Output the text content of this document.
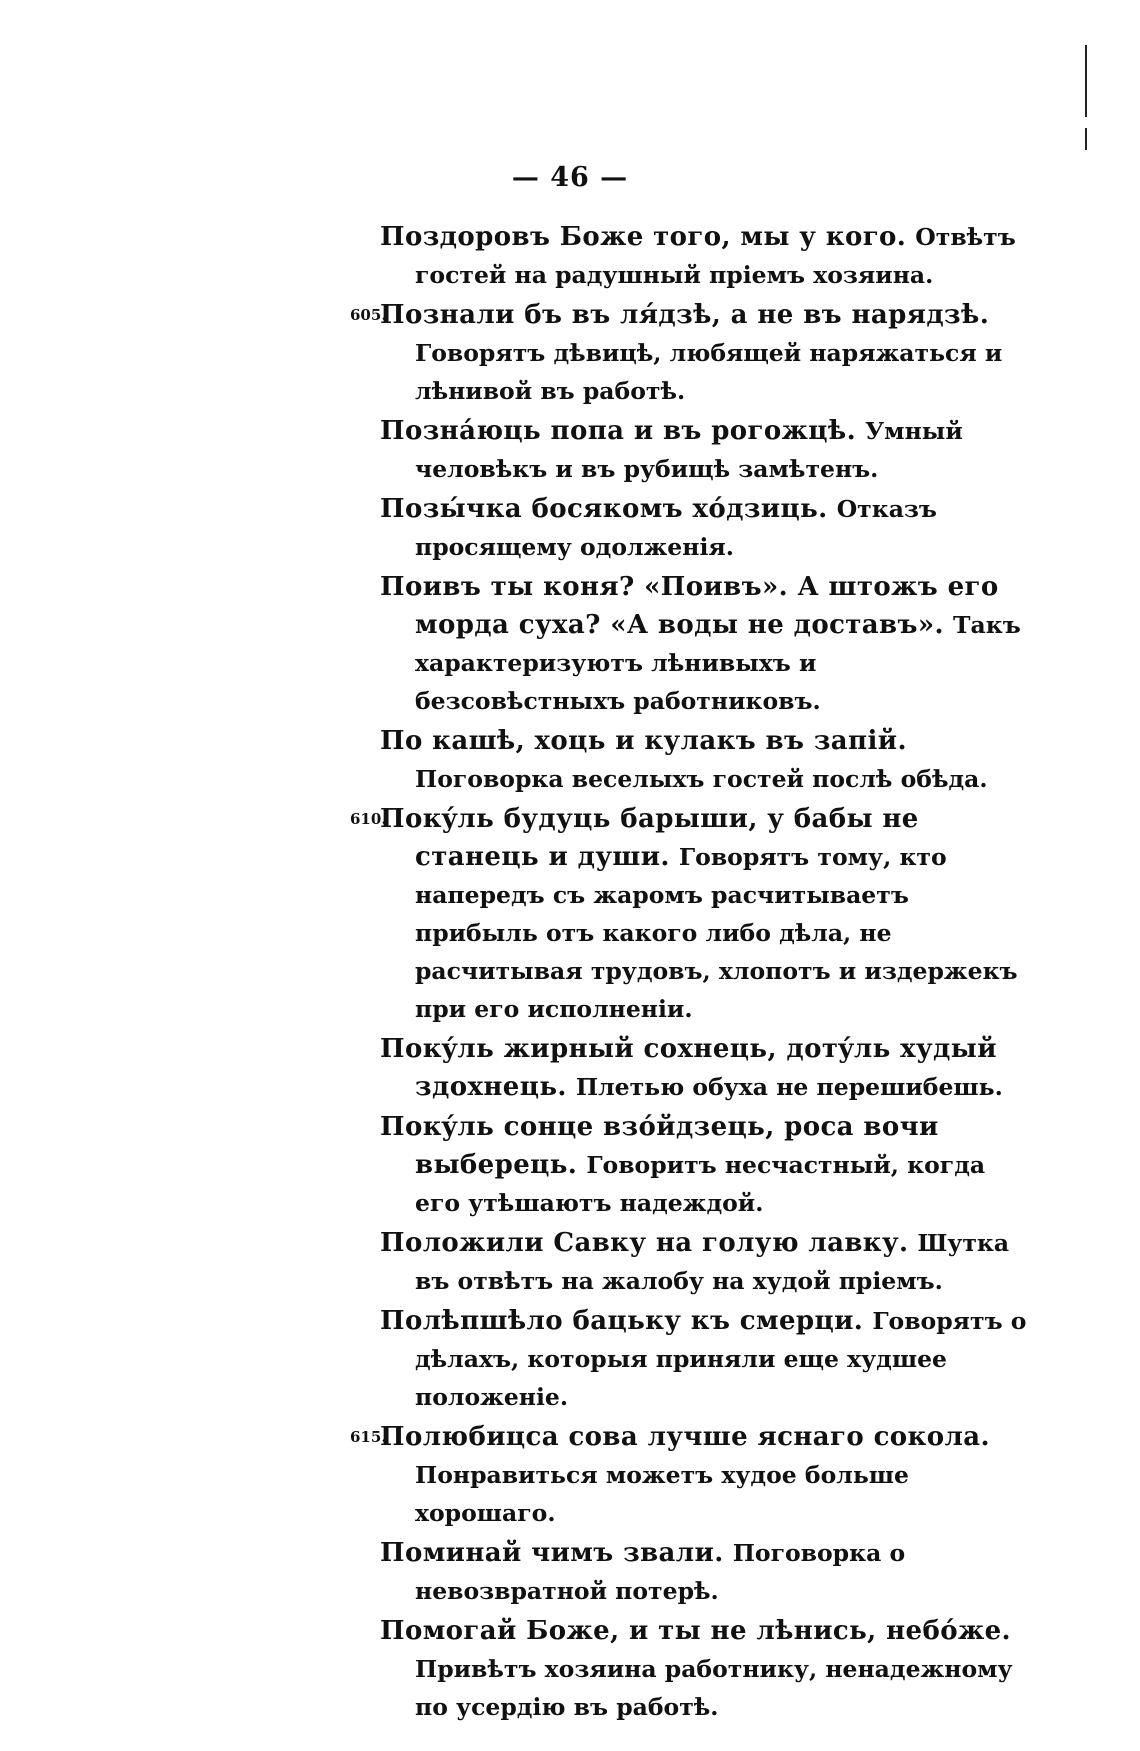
— 46 —
Поздоровъ Боже того, мы у кого. Отвѣтъ гостей на радушный пріемъ хозяина.
605 .
Познали бъ въ ля́дзѣ, а не въ нарядзѣ. Говорятъ дѣвицѣ, любящей наряжаться и лѣнивой въ работѣ.
Позна́юць попа и въ рогожцѣ. Умный человѣкъ и въ рубищѣ замѣтенъ.
Позы́чка босякомъ хо́дзиць. Отказъ просящему одолженія.
Поивъ ты коня? «Поивъ». А штожъ его морда суха? «А воды не доставъ». Такъ характеризуютъ лѣнивыхъ и безсовѣстныхъ работниковъ.
По кашѣ, хоць и кулакъ въ запiй. Поговорка веселыхъ гостей послѣ обѣда.
610 .
Покýль будуць барыши, у бабы не станець и души. Говорятъ тому, кто напередъ съ жаромъ расчитываетъ прибыль отъ какого либо дѣла, не расчитывая трудовъ, хлопотъ и издержекъ при его исполненіи.
Покýль жирный сохнець, дотýль худый здохнець. Плетью обуха не перешибешь.
Покýль сонце взо́йдзець, роса вочи выберець. Говоритъ несчастный, когда его утѣшаютъ надеждой.
Положили Савку на голую лавку. Шутка въ отвѣтъ на жалобу на худой пріемъ.
Полѣпшѣло бацьку къ смерци. Говорятъ о дѣлахъ, которыя приняли еще худшее положеніе.
615 .
Полюбицса сова лучше яснаго сокола. Понравиться можетъ худое больше хорошаго.
Поминай чимъ звали. Поговорка о невозвратной потерѣ.
Помогай Боже, и ты не лѣнись, небо́же. Привѣтъ хозяина работнику, ненадежному по усердію въ работѣ.
